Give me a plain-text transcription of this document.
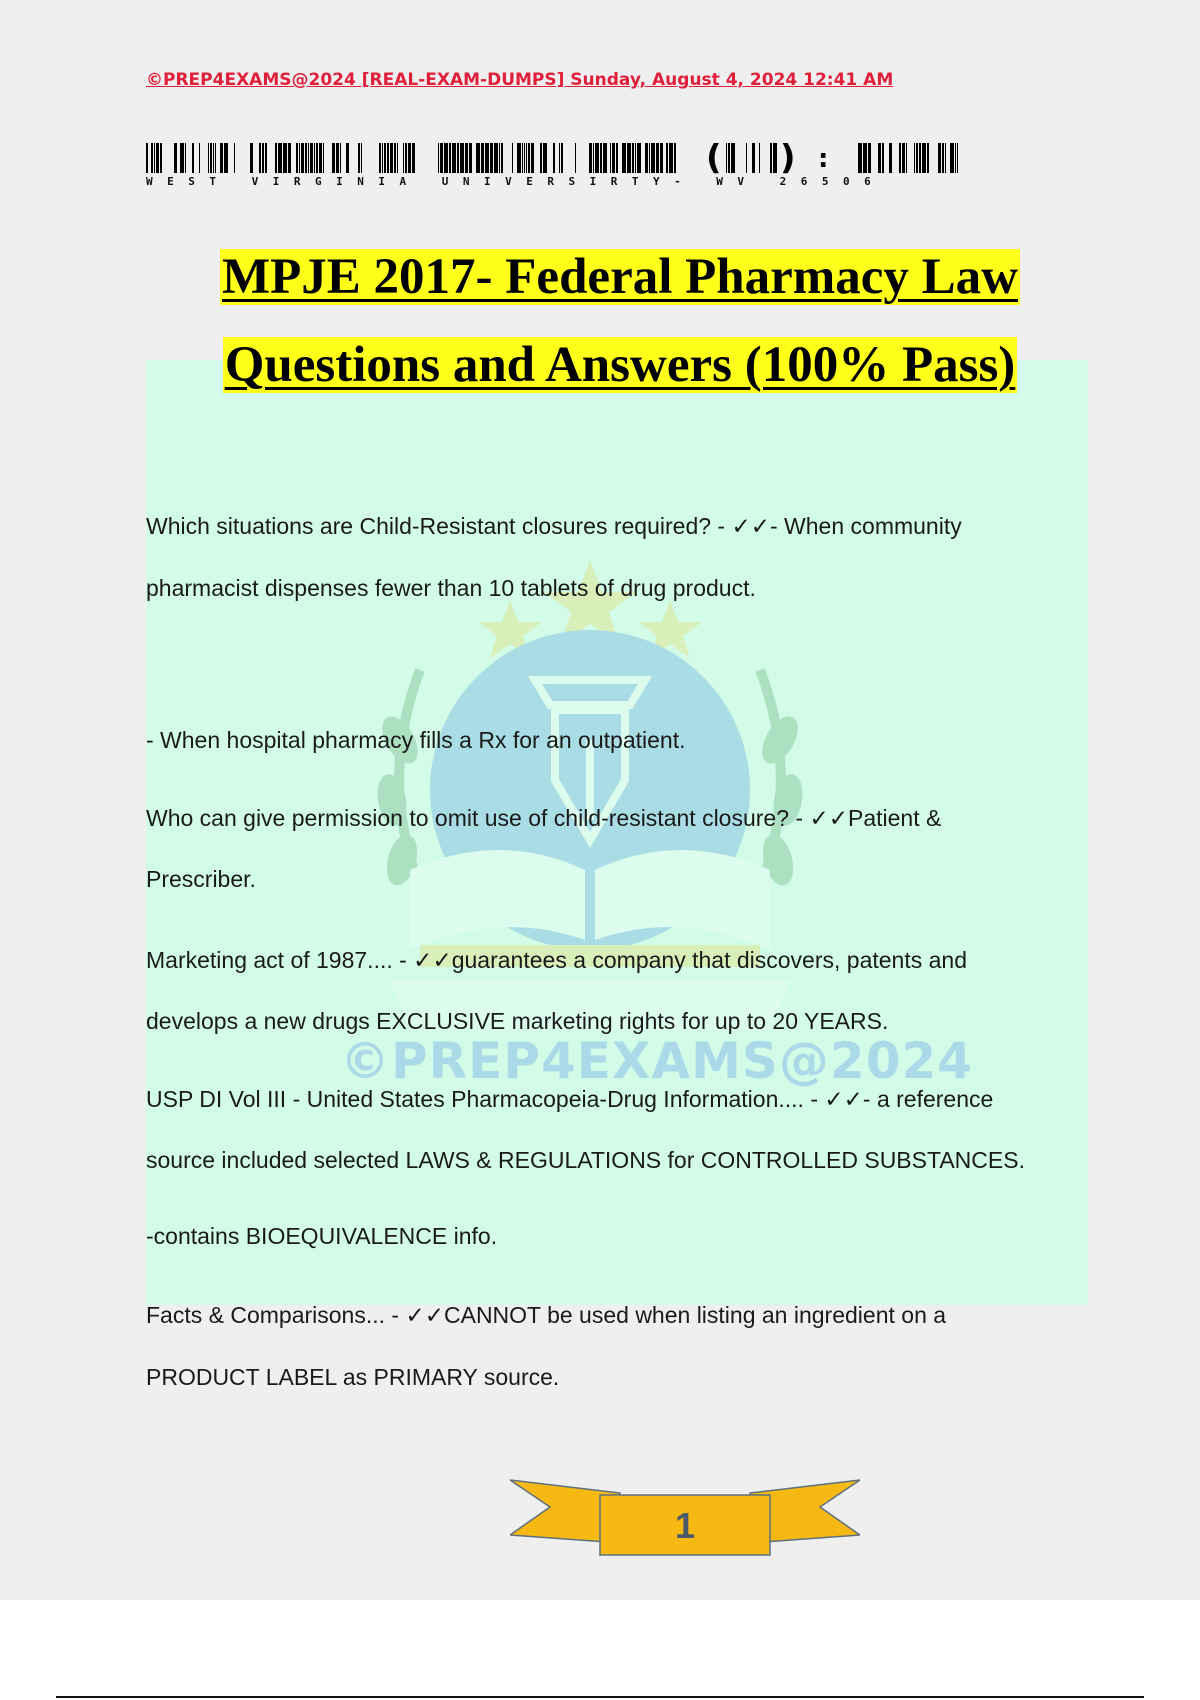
©PREP4EXAMS@2024
©PREP4EXAMS@2024 [REAL-EXAM-DUMPS] Sunday, August 4, 2024 12:41 AM
( ) :
WEST VIRGINIA UNIVERSIRTY- WV 26506
MPJE 2017- Federal Pharmacy Law
Questions and Answers (100% Pass)
Which situations are Child-Resistant closures required? - ✓✓- When community
pharmacist dispenses fewer than 10 tablets of drug product.
- When hospital pharmacy fills a Rx for an outpatient.
Who can give permission to omit use of child-resistant closure? - ✓✓Patient &
Prescriber.
Marketing act of 1987.... - ✓✓guarantees a company that discovers, patents and
develops a new drugs EXCLUSIVE marketing rights for up to 20 YEARS.
USP DI Vol III - United States Pharmacopeia-Drug Information.... - ✓✓- a reference
source included selected LAWS & REGULATIONS for CONTROLLED SUBSTANCES.
-contains BIOEQUIVALENCE info.
Facts & Comparisons... - ✓✓CANNOT be used when listing an ingredient on a
PRODUCT LABEL as PRIMARY source.
1
